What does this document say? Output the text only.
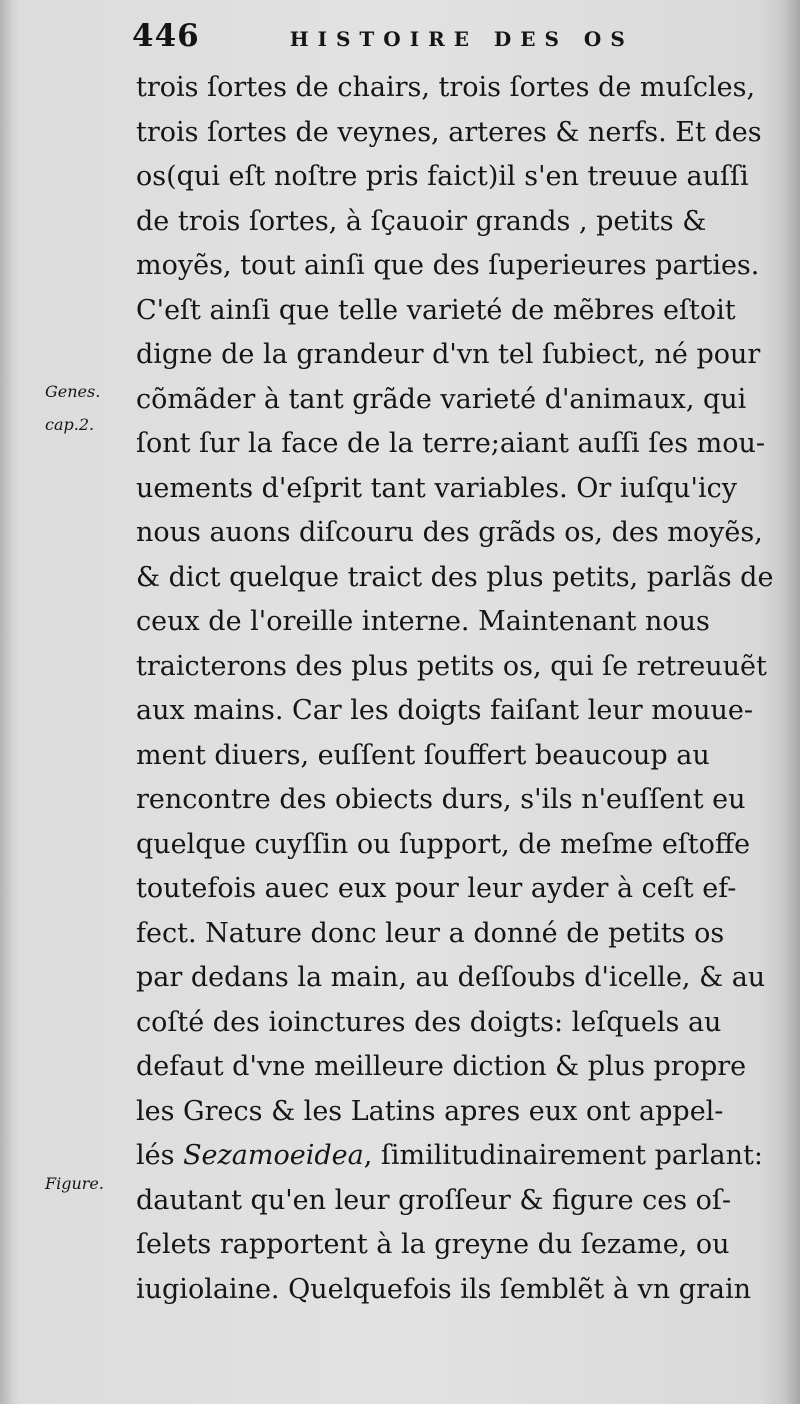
446	HISTOIRE DES OS
Genes.
cap.2.
Figure.
trois ſortes de chairs, trois ſortes de muſcles,
trois ſortes de veynes, arteres & nerfs. Et des
os(qui eſt noſtre pris faict)il s'en treuue auſſi
de trois ſortes, à ſçauoir grands , petits &
moyẽs, tout ainſi que des ſuperieures parties.
C'eſt ainſi que telle varieté de mẽbres eſtoit
digne de la grandeur d'vn tel ſubiect, né pour
cõmãder à tant grãde varieté d'animaux, qui
ſont ſur la face de la terre;aiant auſſi ſes mou-
uements d'eſprit tant variables. Or iuſqu'icy
nous auons diſcouru des grãds os, des moyẽs,
& dict quelque traict des plus petits, parlãs de
ceux de l'oreille interne. Maintenant nous
traicterons des plus petits os, qui ſe retreuuẽt
aux mains. Car les doigts faiſant leur mouue-
ment diuers, euſſent ſouffert beaucoup au
rencontre des obiects durs, s'ils n'euſſent eu
quelque cuyſſin ou ſupport, de meſme eſtoffe
toutefois auec eux pour leur ayder à ceſt ef-
fect. Nature donc leur a donné de petits os
par dedans la main, au deſſoubs d'icelle, & au
coſté des ioinctures des doigts: leſquels au
defaut d'vne meilleure diction & plus propre
les Grecs & les Latins apres eux ont appel-
lés Sezamoeidea, ſimilitudinairement parlant:
dautant qu'en leur groſſeur & figure ces oſ-
ſelets rapportent à la greyne du ſezame, ou
iugiolaine. Quelquefois ils ſemblẽt à vn grain
